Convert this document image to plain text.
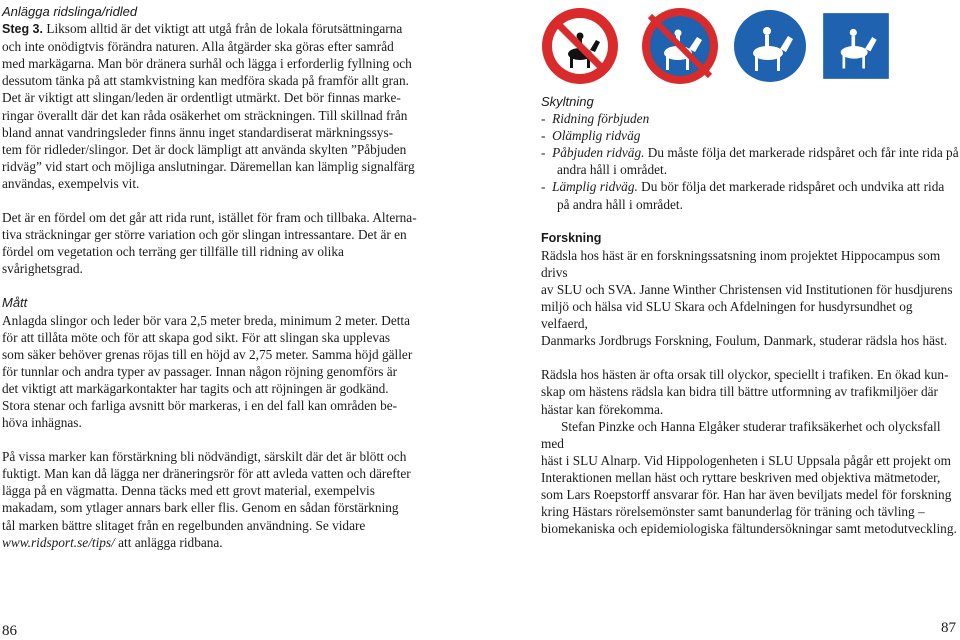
Anlägga ridslinga/ridled

Steg 3. Liksom alltid är det viktigt att utgå från de lokala förutsättningarna
och inte onödigtvis förändra naturen. Alla åtgärder ska göras efter samråd
med markägarna. Man bör dränera surhål och lägga i erforderlig fyllning och
dessutom tänka på att stamkvistning kan medföra skada på framför allt gran.
Det är viktigt att slingan/leden är ordentligt utmärkt. Det bör finnas marke-
ringar överallt där det kan råda osäkerhet om sträckningen. Till skillnad från
bland annat vandringsleder finns ännu inget standardiserat märkningssys-
tem för ridleder/slingor. Det är dock lämpligt att använda skylten ”Påbjuden
ridväg” vid start och möjliga anslutningar. Däremellan kan lämplig signalfärg
användas, exempelvis vit.

Det är en fördel om det går att rida runt, istället för fram och tillbaka. Alterna-
tiva sträckningar ger större variation och gör slingan intressantare. Det är en
fördel om vegetation och terräng ger tillfälle till ridning av olika svårighetsgrad.

Mått

Anlagda slingor och leder bör vara 2,5 meter breda, minimum 2 meter. Detta
för att tillåta möte och för att skapa god sikt. För att slingan ska upplevas
som säker behöver grenas röjas till en höjd av 2,75 meter. Samma höjd gäller
för tunnlar och andra typer av passager. Innan någon röjning genomförs är
det viktigt att markägarkontakter har tagits och att röjningen är godkänd.
Stora stenar och farliga avsnitt bör markeras, i en del fall kan områden be-
höva inhägnas.

På vissa marker kan förstärkning bli nödvändigt, särskilt där det är blött och
fuktigt. Man kan då lägga ner dräneringsrör för att avleda vatten och därefter
lägga på en vägmatta. Denna täcks med ett grovt material, exempelvis
makadam, som ytlager annars bark eller flis. Genom en sådan förstärkning
tål marken bättre slitaget från en regelbunden användning. Se vidare
www.ridsport.se/tips/ att anlägga ridbana.

Skyltning

- Ridning förbjuden
- Olämplig ridväg
- Påbjuden ridväg. Du måste följa det markerade ridspåret och får inte rida på
andra håll i området.
- Lämplig ridväg. Du bör följa det markerade ridspåret och undvika att rida
på andra håll i området.

Forskning

Rädsla hos häst är en forskningssatsning inom projektet Hippocampus som drivs
av SLU och SVA. Janne Winther Christensen vid Institutionen för husdjurens
miljö och hälsa vid SLU Skara och Afdelningen for husdyrsundhet og velfaerd,
Danmarks Jordbrugs Forskning, Foulum, Danmark, studerar rädsla hos häst.

Rädsla hos hästen är ofta orsak till olyckor, speciellt i trafiken. En ökad kun-
skap om hästens rädsla kan bidra till bättre utformning av trafikmiljöer där
hästar kan förekomma.

Stefan Pinzke och Hanna Elgåker studerar trafiksäkerhet och olycksfall med
häst i SLU Alnarp. Vid Hippologenheten i SLU Uppsala pågår ett projekt om
Interaktionen mellan häst och ryttare beskriven med objektiva mätmetoder,
som Lars Roepstorff ansvarar för. Han har även beviljats medel för forskning
kring Hästars rörelsemönster samt banunderlag för träning och tävling –
biomekaniska och epidemiologiska fältundersökningar samt metodutveckling.

86	87
